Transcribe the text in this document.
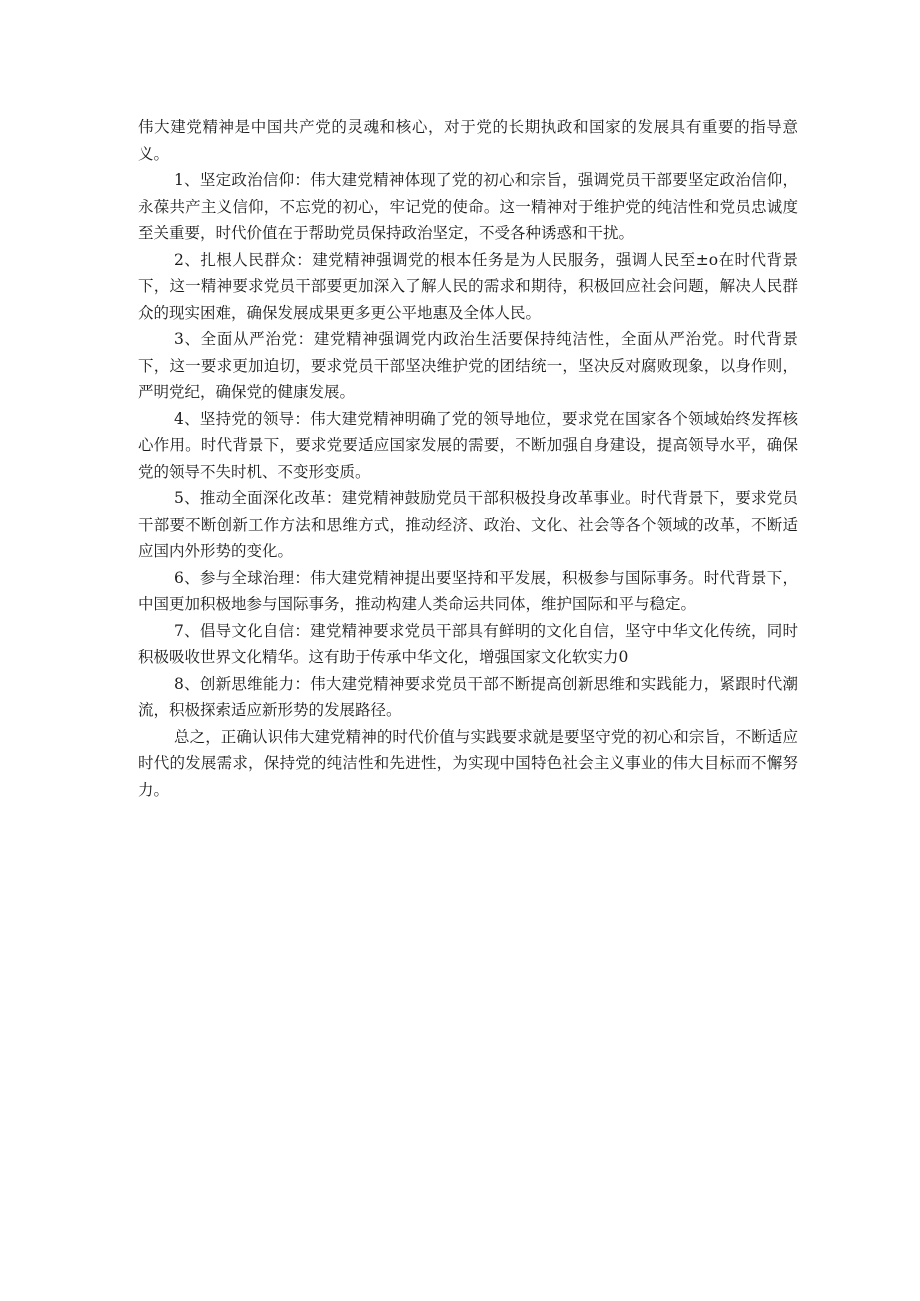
伟大建党精神是中国共产党的灵魂和核心，对于党的长期执政和国家的发展具有重要的指导意义。

1、坚定政治信仰：伟大建党精神体现了党的初心和宗旨，强调党员干部要坚定政治信仰，永葆共产主义信仰，不忘党的初心，牢记党的使命。这一精神对于维护党的纯洁性和党员忠诚度至关重要，时代价值在于帮助党员保持政治坚定，不受各种诱惑和干扰。

2、扎根人民群众：建党精神强调党的根本任务是为人民服务，强调人民至±o在时代背景下，这一精神要求党员干部要更加深入了解人民的需求和期待，积极回应社会问题，解决人民群众的现实困难，确保发展成果更多更公平地惠及全体人民。

3、全面从严治党：建党精神强调党内政治生活要保持纯洁性，全面从严治党。时代背景下，这一要求更加迫切，要求党员干部坚决维护党的团结统一，坚决反对腐败现象，以身作则，严明党纪，确保党的健康发展。

4、坚持党的领导：伟大建党精神明确了党的领导地位，要求党在国家各个领域始终发挥核心作用。时代背景下，要求党要适应国家发展的需要，不断加强自身建设，提高领导水平，确保党的领导不失时机、不变形变质。

5、推动全面深化改革：建党精神鼓励党员干部积极投身改革事业。时代背景下，要求党员干部要不断创新工作方法和思维方式，推动经济、政治、文化、社会等各个领域的改革，不断适应国内外形势的变化。

6、参与全球治理：伟大建党精神提出要坚持和平发展，积极参与国际事务。时代背景下，中国更加积极地参与国际事务，推动构建人类命运共同体，维护国际和平与稳定。

7、倡导文化自信：建党精神要求党员干部具有鲜明的文化自信，坚守中华文化传统，同时积极吸收世界文化精华。这有助于传承中华文化，增强国家文化软实力0

8、创新思维能力：伟大建党精神要求党员干部不断提高创新思维和实践能力，紧跟时代潮流，积极探索适应新形势的发展路径。

总之，正确认识伟大建党精神的时代价值与实践要求就是要坚守党的初心和宗旨，不断适应时代的发展需求，保持党的纯洁性和先进性，为实现中国特色社会主义事业的伟大目标而不懈努力。
